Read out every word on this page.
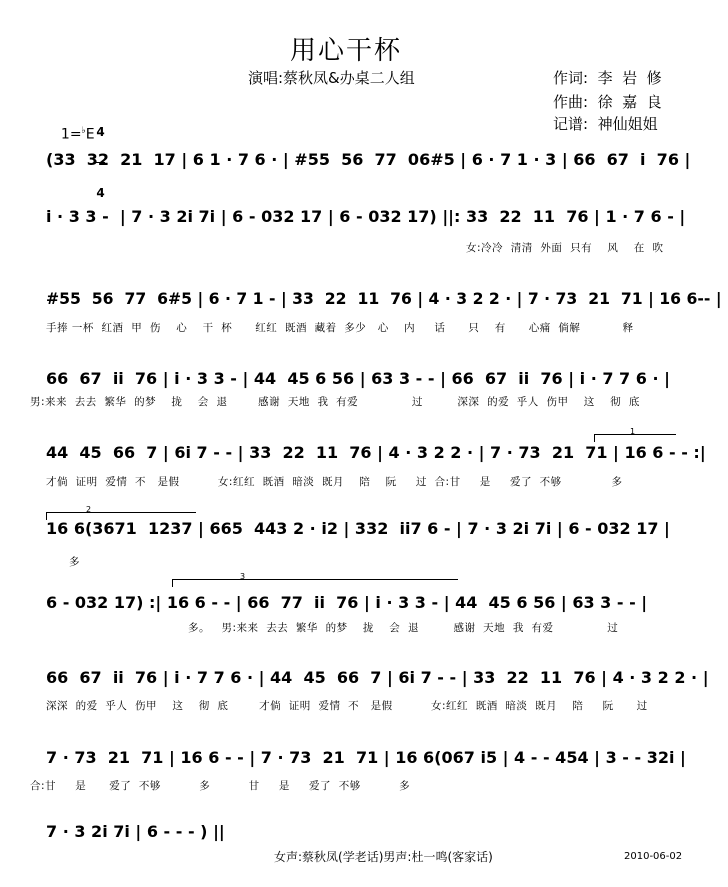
用心干杯
演唱:蔡秋凤&办桌二人组	作词:  李  岩  修
作曲:  徐  嘉  良
记谱:  神仙姐姐

1=♭E

4

4

(33  32  21  17 | 6 1 · 7 6 · | #55  56  77  06#5 | 6 · 7 1 · 3 | 66  67  i  76 |
i · 3 3 -  | 7 · 3 2i 7i | 6 - 032 17 | 6 - 032 17) ||: 33  22  11  76 | 1 · 7 6 - |
女:冷冷  清清  外面  只有    风    在  吹
#55  56  77  6#5 | 6 · 7 1 - | 33  22  11  76 | 4 · 3 2 2 · | 7 · 73  21  71 | 16 6-- |
手捧 一杯  红酒  甲  伤    心    干  杯      红红  既酒  藏着  多少   心    内     话      只    有      心痛  倘解           释
66  67  ii  76 | i · 3 3 - | 44  45 6 56 | 63 3 - - | 66  67  ii  76 | i · 7 7 6 · |
男:来来  去去  繁华  的梦    拢    会  退        感谢  天地  我  有爱              过         深深  的爱  乎人  伤甲    这    彻  底
44  45  66  7 | 6i 7 - - | 33  22  11  76 | 4 · 3 2 2 · | 7 · 73  21  71 | 16 6 - - :|
才倘  证明  爱情  不   是假          女:红红  既酒  暗淡  既月    陪    阮     过  合:甘     是     爱了  不够             多
16 6(3671  1237 | 665  443 2 · i2 | 332  ii7 6 - | 7 · 3 2i 7i | 6 - 032 17 |
多
6 - 032 17) :| 16 6 - - | 66  77  ii  76 | i · 3 3 - | 44  45 6 56 | 63 3 - - |
多。   男:来来  去去  繁华  的梦    拢    会  退         感谢  天地  我  有爱              过
66  67  ii  76 | i · 7 7 6 · | 44  45  66  7 | 6i 7 - - | 33  22  11  76 | 4 · 3 2 2 · |
深深  的爱  乎人  伤甲    这    彻  底        才倘  证明  爱情  不   是假          女:红红  既酒  暗淡  既月    陪     阮      过
7 · 73  21  71 | 16 6 - - | 7 · 73  21  71 | 16 6(067 i5 | 4 - - 454 | 3 - - 32i |
合:甘     是      爱了  不够          多          甘     是     爱了  不够          多
7 · 3 2i 7i | 6 - - - ) ||
1
2
3
女声:蔡秋凤(学老话)男声:杜一鸣(客家话)	2010-06-02
